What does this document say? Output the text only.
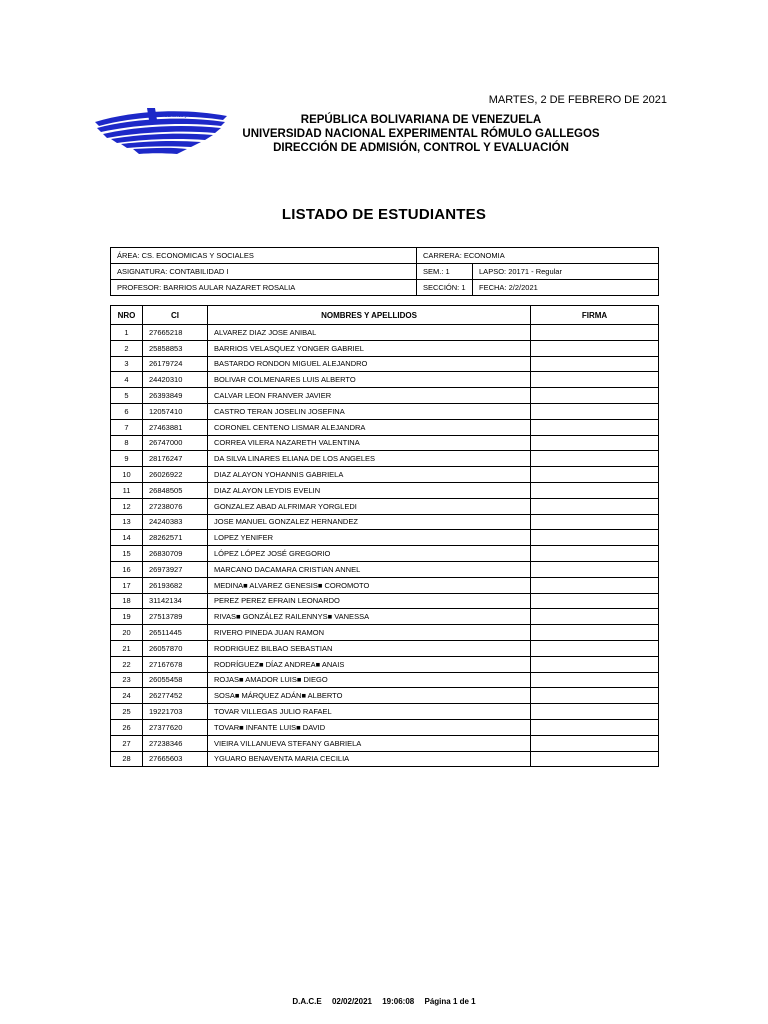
MARTES, 2 DE FEBRERO DE 2021
caminos y horizontes	REPÚBLICA BOLIVARIANA DE VENEZUELA
UNIVERSIDAD NACIONAL EXPERIMENTAL RÓMULO GALLEGOS
DIRECCIÓN DE ADMISIÓN, CONTROL Y EVALUACIÓN
LISTADO DE ESTUDIANTES
ÁREA: CS. ECONOMICAS Y SOCIALES	CARRERA: ECONOMIA	
ASIGNATURA: CONTABILIDAD I	SEM.: 1	LAPSO: 20171 - Regular
PROFESOR: BARRIOS AULAR NAZARET ROSALIA	SECCIÓN: 1	FECHA: 2/2/2021
NRO	CI	NOMBRES Y APELLIDOS	FIRMA
1	27665218	ALVAREZ DIAZ JOSE ANIBAL	
2	25858853	BARRIOS VELASQUEZ YONGER GABRIEL	
3	26179724	BASTARDO RONDON MIGUEL ALEJANDRO	
4	24420310	BOLIVAR COLMENARES LUIS ALBERTO	
5	26393849	CALVAR LEON FRANVER JAVIER	
6	12057410	CASTRO TERAN JOSELIN JOSEFINA	
7	27463881	CORONEL CENTENO LISMAR ALEJANDRA	
8	26747000	CORREA VILERA NAZARETH VALENTINA	
9	28176247	DA SILVA LINARES ELIANA DE LOS ANGELES	
10	26026922	DIAZ ALAYON YOHANNIS GABRIELA	
11	26848505	DIAZ ALAYON LEYDIS EVELIN	
12	27238076	GONZALEZ ABAD ALFRIMAR YORGLEDI	
13	24240383	JOSE MANUEL GONZALEZ HERNANDEZ	
14	28262571	LOPEZ YENIFER	
15	26830709	LÓPEZ LÓPEZ JOSÉ GREGORIO	
16	26973927	MARCANO DACAMARA CRISTIAN ANNEL	
17	26193682	MEDINA■ ALVAREZ GENESIS■ COROMOTO	
18	31142134	PEREZ PEREZ EFRAIN LEONARDO	
19	27513789	RIVAS■ GONZÁLEZ RAILENNYS■ VANESSA	
20	26511445	RIVERO PINEDA JUAN RAMON	
21	26057870	RODRIGUEZ BILBAO SEBASTIAN	
22	27167678	RODRÍGUEZ■ DÍAZ ANDREA■ ANAIS	
23	26055458	ROJAS■ AMADOR LUIS■ DIEGO	
24	26277452	SOSA■ MÁRQUEZ ADÁN■ ALBERTO	
25	19221703	TOVAR VILLEGAS JULIO RAFAEL	
26	27377620	TOVAR■ INFANTE LUIS■ DAVID	
27	27238346	VIEIRA VILLANUEVA STEFANY GABRIELA	
28	27665603	YGUARO BENAVENTA MARIA CECILIA	
D.A.C.E 02/02/2021 19:06:08 Página 1 de 1
